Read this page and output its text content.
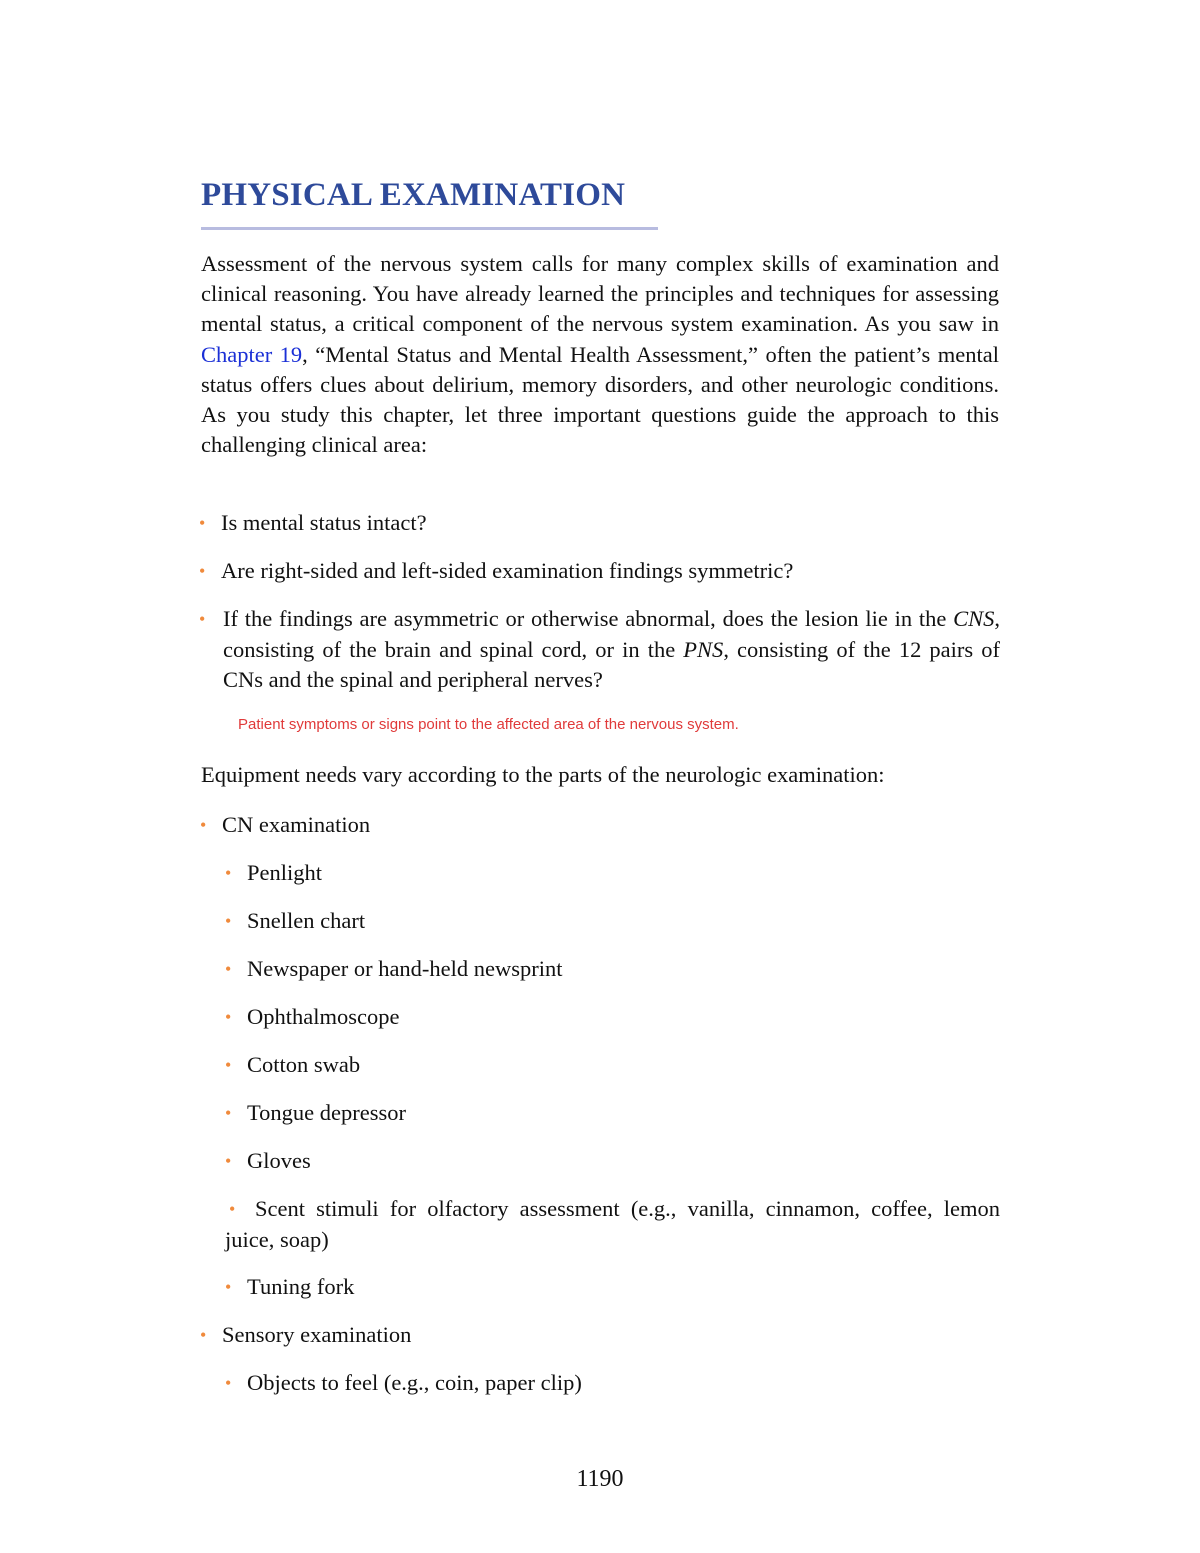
PHYSICAL EXAMINATION

Assessment of the nervous system calls for many complex skills of examination and clinical reasoning. You have already learned the principles and techniques for assessing mental status, a critical component of the nervous system examination. As you saw in Chapter 19, “Mental Status and Mental Health Assessment,” often the patient’s mental status offers clues about delirium, memory disorders, and other neurologic conditions. As you study this chapter, let three important questions guide the approach to this challenging clinical area:

• Is mental status intact?

• Are right-sided and left-sided examination findings symmetric?

• If the findings are asymmetric or otherwise abnormal, does the lesion lie in the CNS, consisting of the brain and spinal cord, or in the PNS, consisting of the 12 pairs of CNs and the spinal and peripheral nerves?

Patient symptoms or signs point to the affected area of the nervous system.

Equipment needs vary according to the parts of the neurologic examination:

• CN examination

• Penlight

• Snellen chart

• Newspaper or hand-held newsprint

• Ophthalmoscope

• Cotton swab

• Tongue depressor

• Gloves

• Scent stimuli for olfactory assessment (e.g., vanilla, cinnamon, coffee, lemon juice, soap)

• Tuning fork

• Sensory examination

• Objects to feel (e.g., coin, paper clip)

1190
